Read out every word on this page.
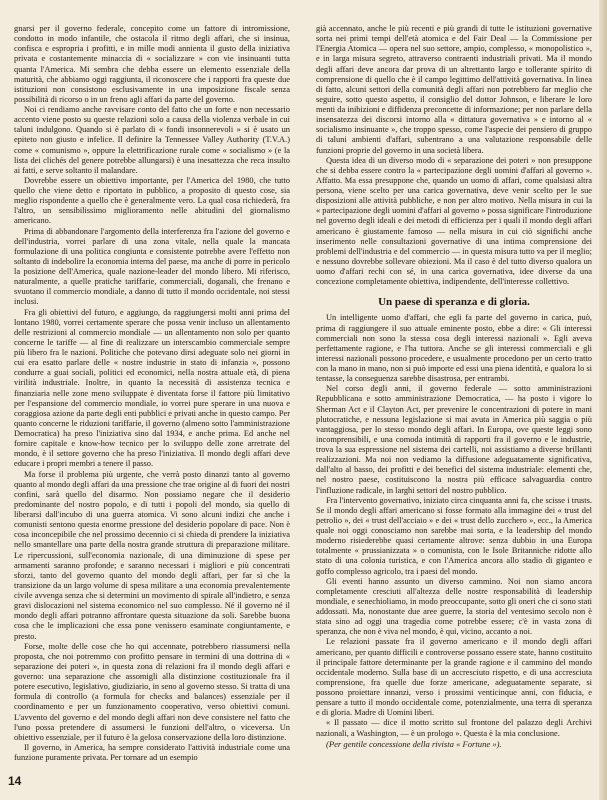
gnarsi per il governo federale, concepito come un fattore di intromissione, condotto in modo infantile, che ostacola il ritmo degli affari, che si insinua, confisca e espropria i profitti, e in mille modi annienta il gusto della iniziativa privata e costantemente minaccia di « socializzare » con vie insinuanti tutta quanta l'America. Mi sembra che debba essere un elemento essenziale della maturità, che abbiamo oggi raggiunta, il riconoscere che i rapporti fra queste due istituzioni non consistono esclusivamente in una imposizione fiscale senza possibilità di ricorso o in un freno agli affari da parte del governo.

Noi ci rendiamo anche ravvisare conto del fatto che un forte e non necessario accento viene posto su queste relazioni solo a causa della violenza verbale in cui taluni indulgono. Quando si è parlato di « fondi insonnerevoli » si è usato un epiteto non giusto e infelice. Il definire la Tennessee Valley Authority (T.V.A.) come « comunismo », oppure la elettrificazione rurale come « socialismo » (e la lista dei clichés del genere potrebbe allungarsi) è una inesattezza che reca insulto ai fatti, e serve soltanto il malandare.

Dovrebbe essere un obiettivo importante, per l'America del 1980, che tutto quello che viene detto e riportato in pubblico, a proposito di questo cose, sia meglio rispondente a quello che è generalmente vero. La qual cosa richiederà, fra l'altro, un sensibilissimo miglioramento nelle abitudini del giornalismo americano.

Prima di abbandonare l'argomento della interferenza fra l'azione del governo e dell'industria, vorrei parlare di una zona vitale, nella quale la mancata formulazione di una politica congiunta e consistente potrebbe avere l'effetto non soltanto di indebolire la economia interna del paese, ma anche di porre in pericolo la posizione dell'America, quale nazione-leader del mondo libero. Mi riferisco, naturalmente, a quelle pratiche tariffarie, commerciali, doganali, che frenano e svuotano il commercio mondiale, a danno di tutto il mondo occidentale, noi stessi inclusi.

Fra gli obiettivi del futuro, e aggiungo, da raggiungersi molti anni prima del lontano 1980, vorrei certamente sperare che possa venir incluso un allentamento delle restrizioni al commercio mondiale — un allentamento non solo per quanto concerne le tariffe — al fine di realizzare un interscambio commerciale sempre più libero fra le nazioni. Politiche che potevano dirsi adeguate solo nei giorni in cui era esatto parlare delle « nostre industrie in stato di infanzia », possono condurre a guai sociali, politici ed economici, nella nostra attuale età, di piena virilità industriale. Inoltre, in quanto la necessità di assistenza tecnica e finanziaria nelle zone meno sviluppate è diventata forse il fattore più limitativo per l'espansione del commercio mondiale, io vorrei pure sperare in una nuova e coraggiosa azione da parte degli enti pubblici e privati anche in questo campo. Per quanto concerne le riduzioni tariffarie, il governo (almeno sotto l'amministrazione Democratica) ha preso l'iniziativa sino dal 1934, e anche prima. Ed anche nel fornire capitale e know-how tecnico per lo sviluppo delle zone arretrate del mondo, è il settore governo che ha preso l'iniziativa. Il mondo degli affari deve educare i propri membri a tenere il passo.

Ma forse il problema più urgente, che verrà posto dinanzi tanto al governo quanto al mondo degli affari da una pressione che trae origine al di fuori dei nostri confini, sarà quello del disarmo. Non possiamo negare che il desiderio predominante del nostro popolo, e di tutti i popoli del mondo, sia quello di liberarsi dall'incubo di una guerra atomica. Vi sono alcuni indizi che anche i comunisti sentono questa enorme pressione del desiderio popolare di pace. Non è cosa inconcepibile che nel prossimo decennio ci si chieda di prendere la iniziativa nello smantellare una parte della nostra grande struttura di preparazione militare. Le ripercussioni, sull'economia nazionale, di una diminuzione di spese per armamenti saranno profonde; e saranno necessari i migliori e più concentrati sforzi, tanto del governo quanto del mondo degli affari, per far sì che la transizione da un largo volume di spesa militare a una economia prevalentemente civile avvenga senza che si determini un movimento di spirale all'indietro, e senza gravi dislocazioni nel sistema economico nel suo complesso. Né il governo né il mondo degli affari potranno affrontare questa situazione da soli. Sarebbe buona cosa che le implicazioni che essa pone venissero esaminate congiuntamente, e presto.

Forse, molte delle cose che ho qui accennate, potrebbero riassumersi nella proposta, che noi potremmo con profitto pensare in termini di una dottrina di « separazione dei poteri », in questa zona di relazioni fra il mondo degli affari e governo: una separazione che assomigli alla distinzione costituzionale fra il potere esecutivo, legislativo, giudiziario, in seno al governo stesso. Si tratta di una formula di controllo (a formula for checks and balances) essenziale per il coordinamento e per un funzionamento cooperativo, verso obiettivi comuni. L'avvento del governo e del mondo degli affari non deve consistere nel fatto che l'uno possa pretendere di assumersi le funzioni dell'altro, o viceversa. Un obiettivo essenziale, per il futuro è la gelosa conservazione della loro distinzione.

Il governo, in America, ha sempre considerato l'attività industriale come una funzione puramente privata. Per tornare ad un esempio

già accennato, anche le più recenti e più grandi di tutte le istituzioni governative sorta nei primi tempi dell'età atomica e del Fair Deal — la Commissione per l'Energia Atomica — opera nel suo settore, ampio, complesso, « monopolistico », e in larga misura segreto, attraverso contraenti industriali privati. Ma il mondo degli affari deve ancora dar prova di un altrettanto largo e tollerante spirito di comprensione di quello che è il campo legittimo dell'attività governativa. In linea di fatto, alcuni settori della comunità degli affari non potrebbero far meglio che seguire, sotto questo aspetto, il consiglio del dottor Johnson, e liberare le loro menti da inibizioni e diffidenza preconcette di informazione; per non parlare della insensatezza dei discorsi intorno alla « dittatura governativa » e intorno al « socialismo insinuante », che troppo spesso, come l'aspecie dei pensiero di gruppo di taluni ambienti d'affari, subentrano a una valutazione responsabile delle funzioni proprie del governo in una società libera.

Questa idea di un diverso modo di « separazione dei poteri » non presuppone che si debba essere contro la « partecipazione degli uomini d'affari al governo ». Affatto. Ma essa presuppone che, quando un uomo di affari, come qualsiasi altra persona, viene scelto per una carica governativa, deve venir scelto per le sue disposizioni alle attività pubbliche, e non per altro motivo. Nella misura in cui la « partecipazione degli uomini d'affari al governo » possa significare l'introduzione nel governo degli ideali e dei metodi di efficienza per i quali il mondo degli affari americano è giustamente famoso — nella misura in cui ciò significhi anche inserimento nelle consultazioni governative di una intima comprensione dei problemi dell'industria e del commercio — in questa misura tutto va per il meglio; e nessuno dovrebbe sollevare obiezioni. Ma il caso è del tutto diverso qualora un uomo d'affari rechi con sé, in una carica governativa, idee diverse da una concezione completamente obiettiva, indipendente, dell'interesse collettivo.

Un paese di speranza e di gloria.

Un intelligente uomo d'affari, che egli fa parte del governo in carica, può, prima di raggiungere il suo attuale eminente posto, ebbe a dire: « Gli interessi commerciali non sono la stessa cosa degli interessi nazionali ». Egli aveva perfettamente ragione, e l'ha tuttora. Anche se gli interessi commerciali e gli interessi nazionali possono procedere, e usualmente procedono per un certo tratto con la mano in mano, non si può importe ed essi una piena identità, e qualora lo si tentasse, la conseguenza sarebbe disastrosa, per entrambi.

Nel corso degli anni, il governo federale — sotto amministrazioni Repubblicana e sotto amministrazione Democratica, — ha posto i vigore lo Sherman Act e il Clayton Act, per prevenire le concentrazioni di potere in mani plutocratiche, e nessuna legislazione si mai avuta in America più saggia o più vantaggiosa, per lo stesso mondo degli affari. In Europa, ove queste leggi sono incomprensibili, e una comoda intimità di rapporti fra il governo e le industrie, trova la sua espressione nel sistema dei cartelli, noi assistiamo a diverse brillanti realizzazioni. Ma noi non vediamo la diffusione adeguatamente significativa, dall'alto al basso, dei profitti e dei benefici del sistema industriale: elementi che, nel nostro paese, costituiscono la nostra più efficace salvaguardia contro l'influzione radicale, in larghi settori del nostro pubblico.

Fra l'intervento governativo, iniziato circa cinquanta anni fa, che scisse i trusts. Se il mondo degli affari americano si fosse formato alla immagine dei « trust del petrolio », dei « trust dell'acciaio » e dei « trust dello zucchero », ecc., la America quale noi oggi conosciamo non sarebbe mai sorta, e la leadership del mondo moderno risiederebbe quasi certamente altrove: senza dubbio in una Europa totalmente « prussianizzata » o comunista, con le Isole Britanniche ridotte allo stato di una colonia turistica, e con l'America ancora allo stadio di giganteo e goffo complesso agricolo, tra i paesi del mondo.

Gli eventi hanno assunto un diverso cammino. Noi non siamo ancora completamente cresciuti all'altezza delle nostre responsabilità di leadership mondiale, e senechioliamo, in modo preoccupante, sotto gli oneri che ci sono stati addossati. Ma, nonostante due aree guerre, la storia del ventesimo secolo non è stata sino ad oggi una tragedia come potrebbe essere; c'è in vasta zona di speranza, che non è viva nel mondo, è qui, vicino, accanto a noi.

Le relazioni passate fra il governo americano e il mondo degli affari americano, per quanto difficili e controverse possano essere state, hanno costituito il principale fattore determinante per la grande ragione e il cammino del mondo occidentale moderno. Sulla base di un accresciuto rispetto, e di una accresciuta comprensione, fra quelle due forze americane, adeguatamente separate, si possono proiettare innanzi, verso i prossimi venticinque anni, con fiducia, e pensare a tutto il mondo occidentale come, potenzialmente, una terra di speranza e di gloria. Madre di Uomini liberi.

« Il passato — dice il motto scritto sul frontone del palazzo degli Archivi nazionali, a Washington, — è un prologo ». Questa è la mia conclusione.

(Per gentile concessione della rivista « Fortune »).

14
